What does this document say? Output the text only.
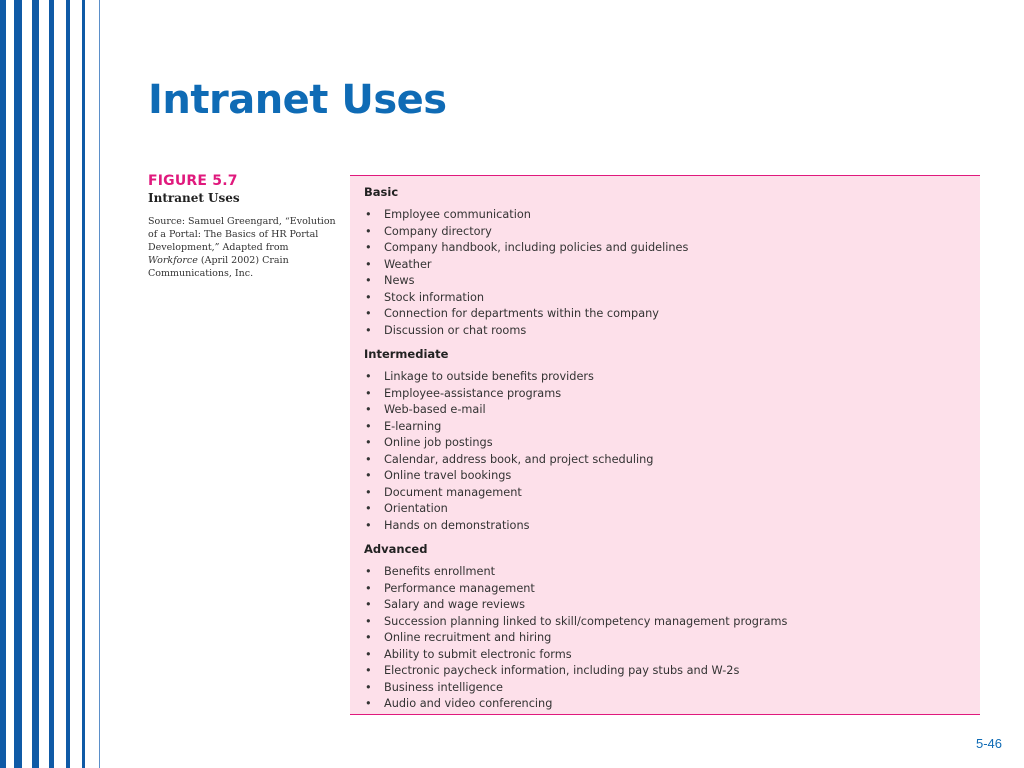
Intranet Uses
FIGURE 5.7
Intranet Uses
Source: Samuel Greengard, “Evolution of a Portal: The Basics of HR Portal Development,” Adapted from Workforce (April 2002) Crain Communications, Inc.
Basic
• Employee communication
• Company directory
• Company handbook, including policies and guidelines
• Weather
• News
• Stock information
• Connection for departments within the company
• Discussion or chat rooms
Intermediate
• Linkage to outside benefits providers
• Employee-assistance programs
• Web-based e-mail
• E-learning
• Online job postings
• Calendar, address book, and project scheduling
• Online travel bookings
• Document management
• Orientation
• Hands on demonstrations
Advanced
• Benefits enrollment
• Performance management
• Salary and wage reviews
• Succession planning linked to skill/competency management programs
• Online recruitment and hiring
• Ability to submit electronic forms
• Electronic paycheck information, including pay stubs and W-2s
• Business intelligence
• Audio and video conferencing
5-46
